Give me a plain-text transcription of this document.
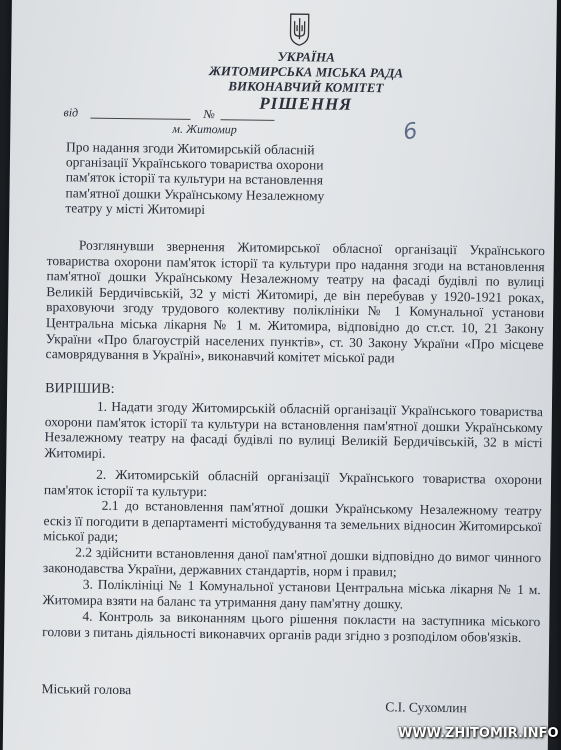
УКРАЇНА
ЖИТОМИРСЬКА МІСЬКА РАДА
ВИКОНАВЧИЙ КОМІТЕТ
РІШЕННЯ
від	№
м. Житомир	6
Про надання згоди Житомирській обласній організації Українського товариства охорони пам'яток історії та культури на встановлення пам'ятної дошки Українському Незалежному театру у місті Житомирі
Розглянувши звернення Житомирської обласної організації Українського товариства охорони пам'яток історії та культури про надання згоди на встановлення пам'ятної дошки Українському Незалежному театру на фасаді будівлі по вулиці Великій Бердичівській, 32 у місті Житомирі, де він перебував у 1920-1921 роках, враховуючи згоду трудового колективу поліклініки № 1 Комунальної установи Центральна міська лікарня № 1 м. Житомира, відповідно до ст.ст. 10, 21 Закону України «Про благоустрій населених пунктів», ст. 30 Закону України «Про місцеве самоврядування в Україні», виконавчий комітет міської ради
ВИРІШИВ:
1. Надати згоду Житомирській обласній організації Українського товариства охорони пам'яток історії та культури на встановлення пам'ятної дошки Українському Незалежному театру на фасаді будівлі по вулиці Великій Бердичівській, 32 в місті Житомирі.
2. Житомирській обласній організації Українського товариства охорони пам'яток історії та культури:
2.1 до встановлення пам'ятної дошки Українському Незалежному театру ескіз її погодити в департаменті містобудування та земельних відносин Житомирської міської ради;
2.2 здійснити встановлення даної пам'ятної дошки відповідно до вимог чинного законодавства України, державних стандартів, норм і правил;
3. Поліклініці № 1 Комунальної установи Центральна міська лікарня № 1 м. Житомира взяти на баланс та утримання дану пам'ятну дошку.
4. Контроль за виконанням цього рішення покласти на заступника міського голови з питань діяльності виконавчих органів ради згідно з розподілом обов'язків.
Міський голова
С.І. Сухомлин
WWW.ZHITOMIR.INFO
